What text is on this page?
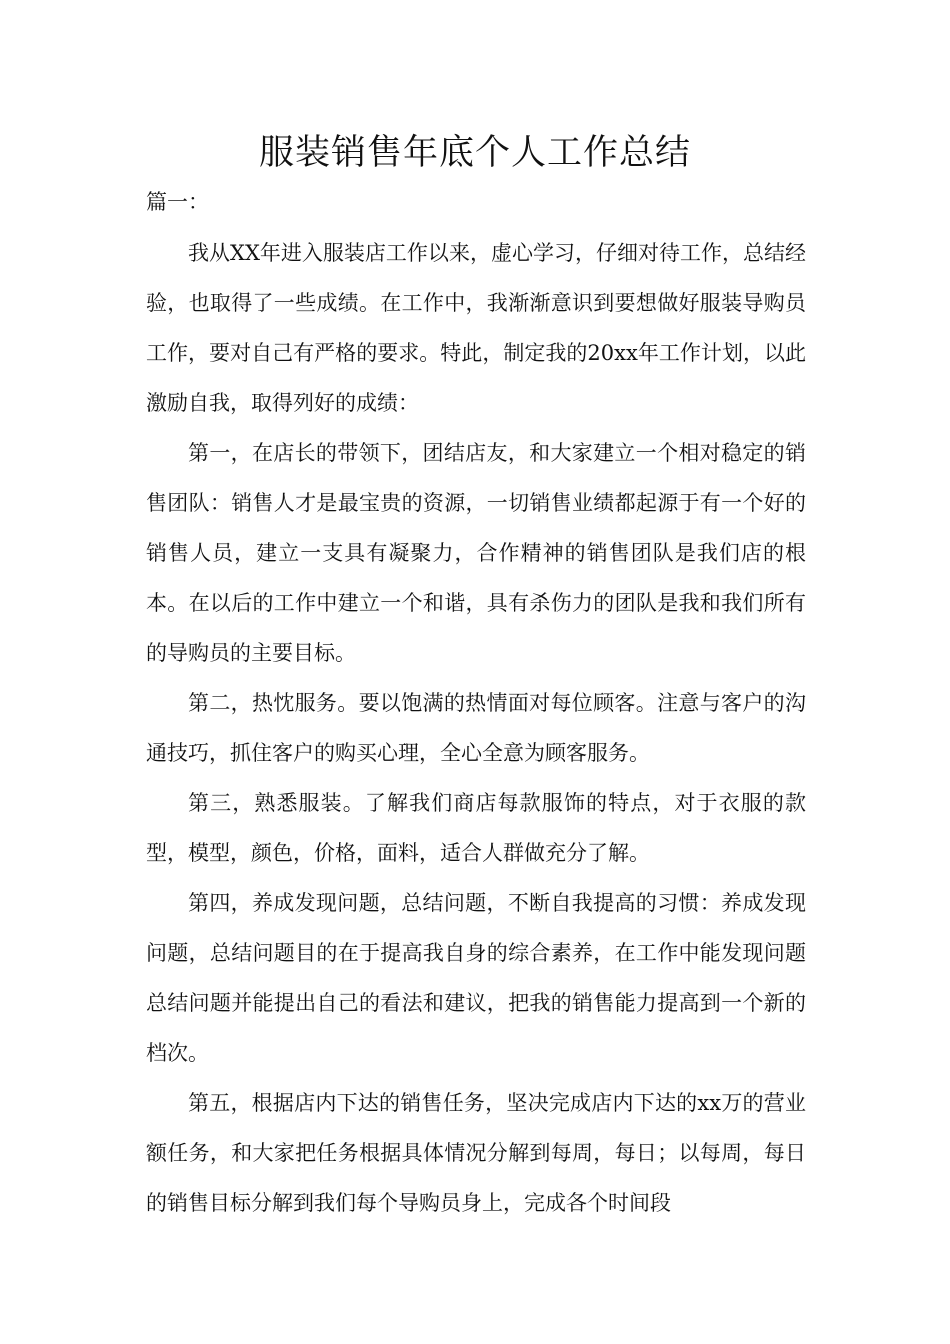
服装销售年底个人工作总结
篇一：

我从XX年进入服装店工作以来，虚心学习，仔细对待工作，总结经验，也取得了一些成绩。在工作中，我渐渐意识到要想做好服装导购员工作，要对自己有严格的要求。特此，制定我的20xx年工作计划，以此激励自我，取得列好的成绩：

第一，在店长的带领下，团结店友，和大家建立一个相对稳定的销售团队：销售人才是最宝贵的资源，一切销售业绩都起源于有一个好的销售人员，建立一支具有凝聚力，合作精神的销售团队是我们店的根本。在以后的工作中建立一个和谐，具有杀伤力的团队是我和我们所有的导购员的主要目标。

第二，热忱服务。要以饱满的热情面对每位顾客。注意与客户的沟通技巧，抓住客户的购买心理，全心全意为顾客服务。

第三，熟悉服装。了解我们商店每款服饰的特点，对于衣服的款型，模型，颜色，价格，面料，适合人群做充分了解。

第四，养成发现问题，总结问题，不断自我提高的习惯：养成发现问题，总结问题目的在于提高我自身的综合素养，在工作中能发现问题总结问题并能提出自己的看法和建议，把我的销售能力提高到一个新的档次。

第五，根据店内下达的销售任务，坚决完成店内下达的xx万的营业额任务，和大家把任务根据具体情况分解到每周，每日；以每周，每日的销售目标分解到我们每个导购员身上，完成各个时间段
